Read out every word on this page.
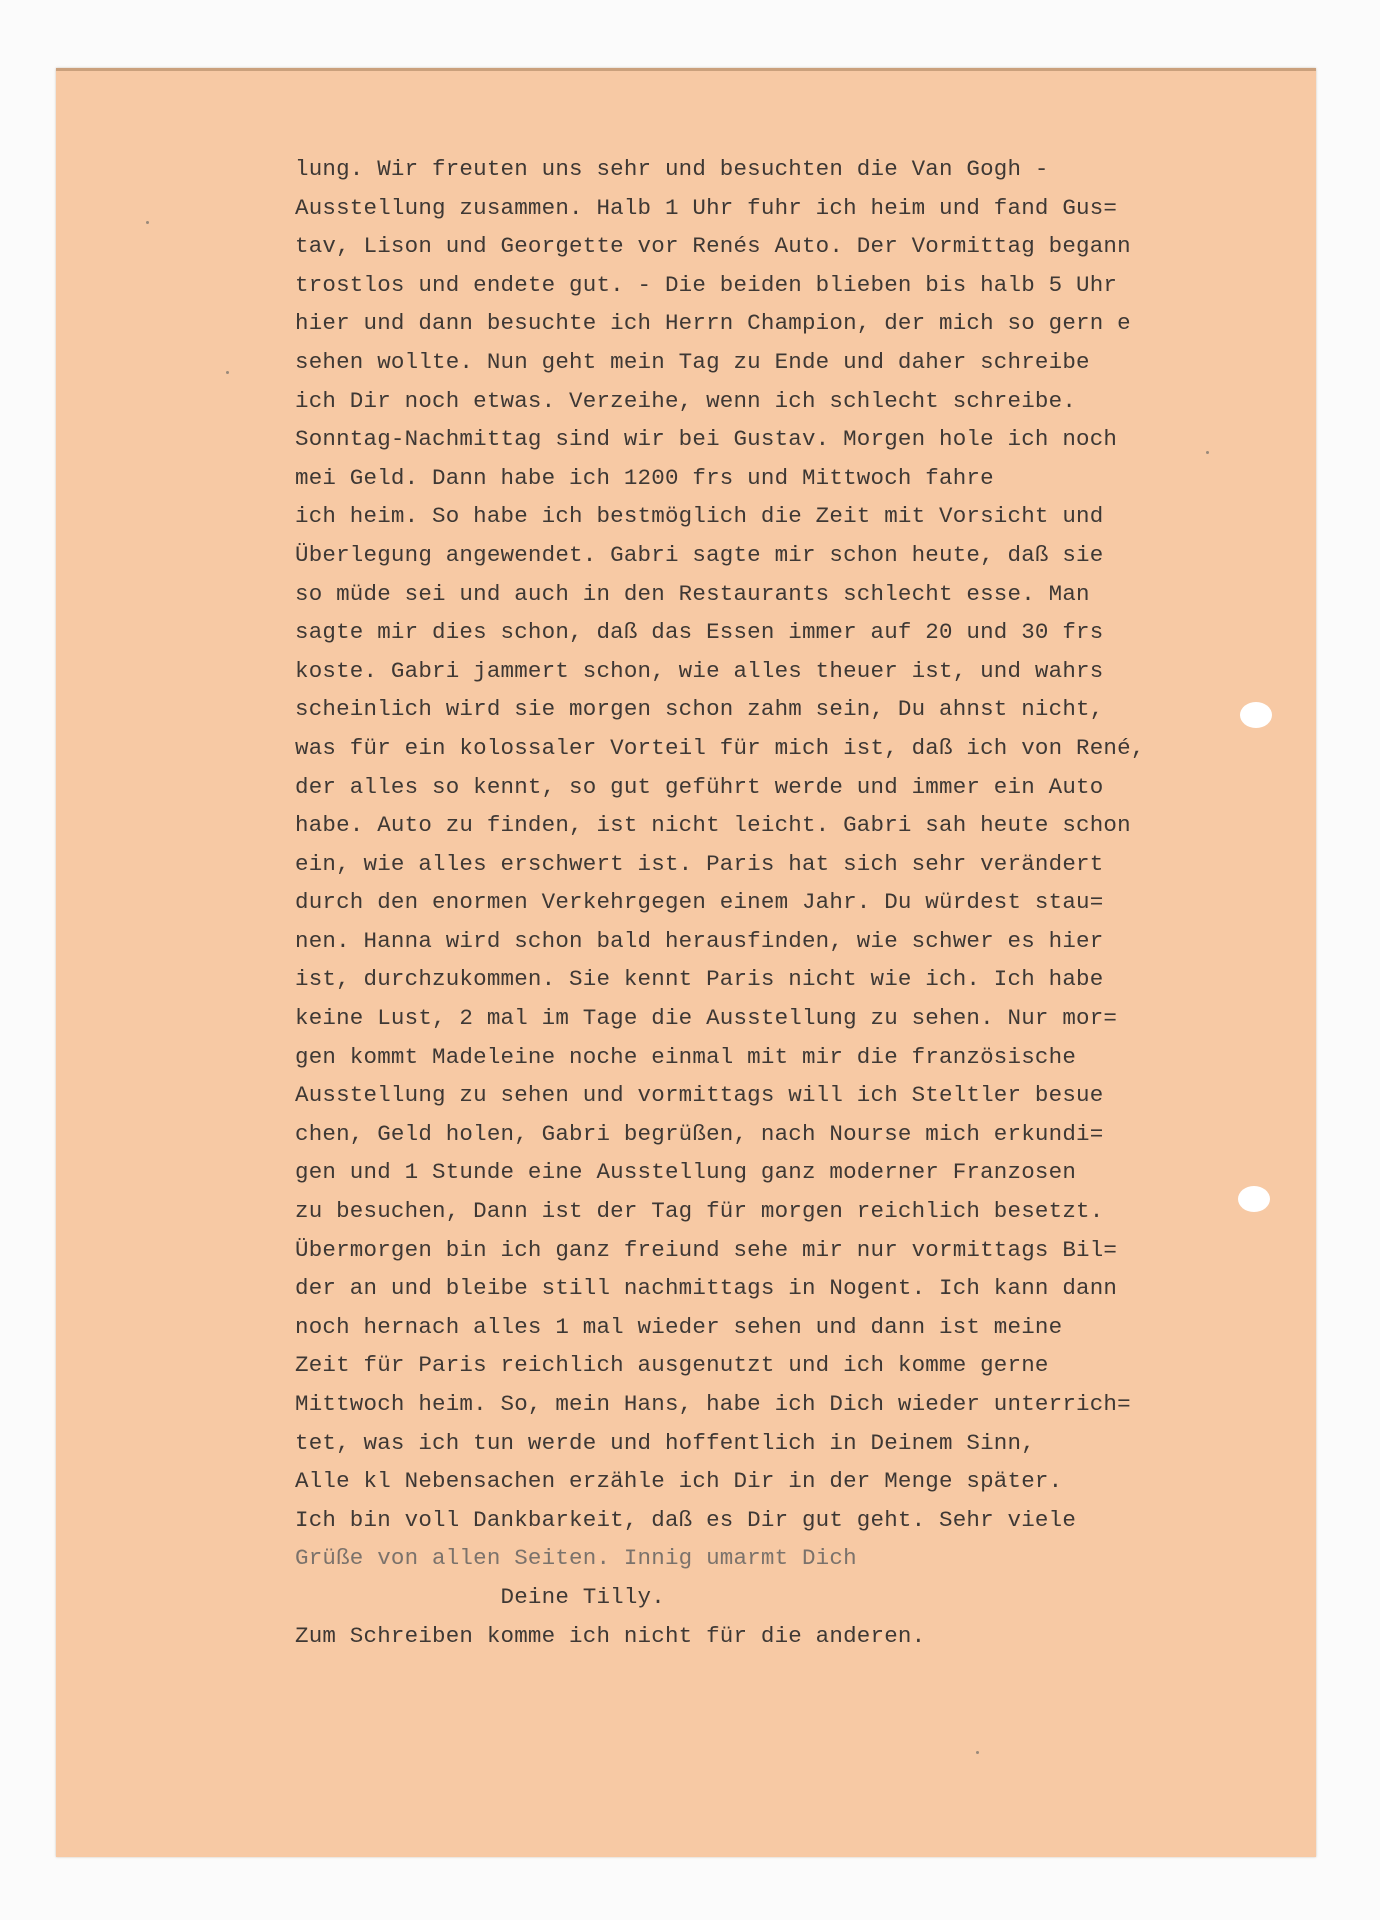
lung. Wir freuten uns sehr und besuchten die Van Gogh -
Ausstellung zusammen. Halb 1 Uhr fuhr ich heim und fand Gus=
tav, Lison und Georgette vor Renés Auto. Der Vormittag begann
trostlos und endete gut. - Die beiden blieben bis halb 5 Uhr
hier und dann besuchte ich Herrn Champion, der mich so gern e
sehen wollte. Nun geht mein Tag zu Ende und daher schreibe
ich Dir noch etwas. Verzeihe, wenn ich schlecht schreibe.
Sonntag-Nachmittag sind wir bei Gustav. Morgen hole ich noch
mei Geld. Dann habe ich 1200 frs und Mittwoch fahre
ich heim. So habe ich bestmöglich die Zeit mit Vorsicht und
Überlegung angewendet. Gabri sagte mir schon heute, daß sie
so müde sei und auch in den Restaurants schlecht esse. Man
sagte mir dies schon, daß das Essen immer auf 20 und 30 frs
koste. Gabri jammert schon, wie alles theuer ist, und wahrs
scheinlich wird sie morgen schon zahm sein, Du ahnst nicht,
was für ein kolossaler Vorteil für mich ist, daß ich von René,
der alles so kennt, so gut geführt werde und immer ein Auto
habe. Auto zu finden, ist nicht leicht. Gabri sah heute schon
ein, wie alles erschwert ist. Paris hat sich sehr verändert
durch den enormen Verkehrgegen einem Jahr. Du würdest stau=
nen. Hanna wird schon bald herausfinden, wie schwer es hier
ist, durchzukommen. Sie kennt Paris nicht wie ich. Ich habe
keine Lust, 2 mal im Tage die Ausstellung zu sehen. Nur mor=
gen kommt Madeleine noche einmal mit mir die französische
Ausstellung zu sehen und vormittags will ich Steltler besue
chen, Geld holen, Gabri begrüßen, nach Nourse mich erkundi=
gen und 1 Stunde eine Ausstellung ganz moderner Franzosen
zu besuchen, Dann ist der Tag für morgen reichlich besetzt.
Übermorgen bin ich ganz freiund sehe mir nur vormittags Bil=
der an und bleibe still nachmittags in Nogent. Ich kann dann
noch hernach alles 1 mal wieder sehen und dann ist meine
Zeit für Paris reichlich ausgenutzt und ich komme gerne
Mittwoch heim. So, mein Hans, habe ich Dich wieder unterrich=
tet, was ich tun werde und hoffentlich in Deinem Sinn,
Alle kl Nebensachen erzähle ich Dir in der Menge später.
Ich bin voll Dankbarkeit, daß es Dir gut geht. Sehr viele
Grüße von allen Seiten. Innig umarmt Dich
Deine Tilly.
Zum Schreiben komme ich nicht für die anderen.
